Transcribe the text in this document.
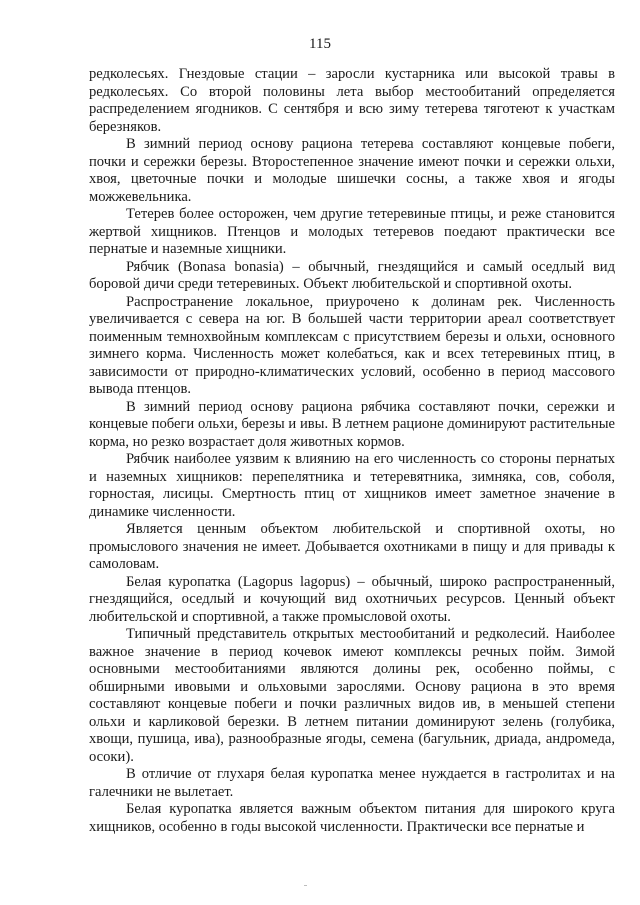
115

редколесьях. Гнездовые стации – заросли кустарника или высокой травы в редколесьях. Со второй половины лета выбор местообитаний определяется распределением ягодников. С сентября и всю зиму тетерева тяготеют к участкам березняков.

В зимний период основу рациона тетерева составляют концевые побеги, почки и сережки березы. Второстепенное значение имеют почки и сережки ольхи, хвоя, цветочные почки и молодые шишечки сосны, а также хвоя и ягоды можжевельника.

Тетерев более осторожен, чем другие тетеревиные птицы, и реже становится жертвой хищников. Птенцов и молодых тетеревов поедают практически все пернатые и наземные хищники.

Рябчик (Bonasa bonasia) – обычный, гнездящийся и самый оседлый вид боровой дичи среди тетеревиных. Объект любительской и спортивной охоты.

Распространение локальное, приурочено к долинам рек. Численность увеличивается с севера на юг. В большей части территории ареал соответствует поименным темнохвойным комплексам с присутствием березы и ольхи, основного зимнего корма. Численность может колебаться, как и всех тетеревиных птиц, в зависимости от природно-климатических условий, особенно в период массового вывода птенцов.

В зимний период основу рациона рябчика составляют почки, сережки и концевые побеги ольхи, березы и ивы. В летнем рационе доминируют растительные корма, но резко возрастает доля животных кормов.

Рябчик наиболее уязвим к влиянию на его численность со стороны пернатых и наземных хищников: перепелятника и тетеревятника, зимняка, сов, соболя, горностая, лисицы. Смертность птиц от хищников имеет заметное значение в динамике численности.

Является ценным объектом любительской и спортивной охоты, но промыслового значения не имеет. Добывается охотниками в пищу и для привады к самоловам.

Белая куропатка (Lagopus lagopus) – обычный, широко распространенный, гнездящийся, оседлый и кочующий вид охотничьих ресурсов. Ценный объект любительской и спортивной, а также промысловой охоты.

Типичный представитель открытых местообитаний и редколесий. Наиболее важное значение в период кочевок имеют комплексы речных пойм. Зимой основными местообитаниями являются долины рек, особенно поймы, с обширными ивовыми и ольховыми зарослями. Основу рациона в это время составляют концевые побеги и почки различных видов ив, в меньшей степени ольхи и карликовой березки. В летнем питании доминируют зелень (голубика, хвощи, пушица, ива), разнообразные ягоды, семена (багульник, дриада, андромеда, осоки).

В отличие от глухаря белая куропатка менее нуждается в гастролитах и на галечники не вылетает.

Белая куропатка является важным объектом питания для широкого круга хищников, особенно в годы высокой численности. Практически все пернатые и
